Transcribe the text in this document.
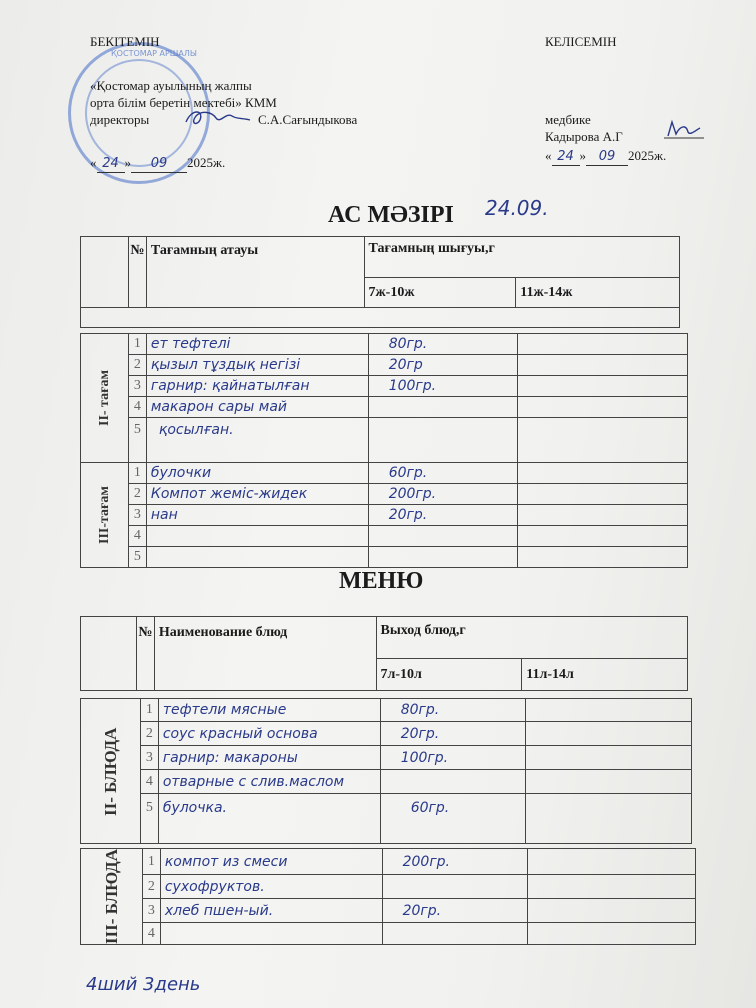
ҚОСТОМАР АРШАЛЫ
БЕКІТЕМІН
«Қостомар ауылының жалпы
орта білім беретін мектебі» КММ
директоры	С.А.Сағындыкова
« 24 » 09 2025ж.
КЕЛІСЕМІН
медбике
Кадырова А.Г
« 24 » 09 2025ж.
АС МӘЗІРІ 24.09.
	№	Тағамның атауы	Тағамның шығуы,г	
			7ж-10ж	11ж-14ж

ІІ- тағам	1	ет тефтелі	80гр.	
	2	қызыл тұздық негізі	20гр	
	3	гарнир: қайнатылған	100гр.	
	4	макарон сары май		
	5	қосылған.		
ІІІ-тағам	1	булочки	60гр.	
	2	Компот жеміс-жидек	200гр.	
	3	нан	20гр.	
	4			
	5			
МЕНЮ
	№	Наименование блюд	Выход блюд,г	
			7л-10л	11л-14л
ІІ- БЛЮДА	1	тефтели мясные	80гр.	
	2	соус красный основа	20гр.	
	3	гарнир: макароны	100гр.	
	4	отварные с слив.маслом		
	5	булочка.	60гр.	
ІІІ- БЛЮДА	1	компот из смеси	200гр.	
	2	сухофруктов.		
	3	хлеб пшен-ый.	20гр.	
	4			
4ший 3день
